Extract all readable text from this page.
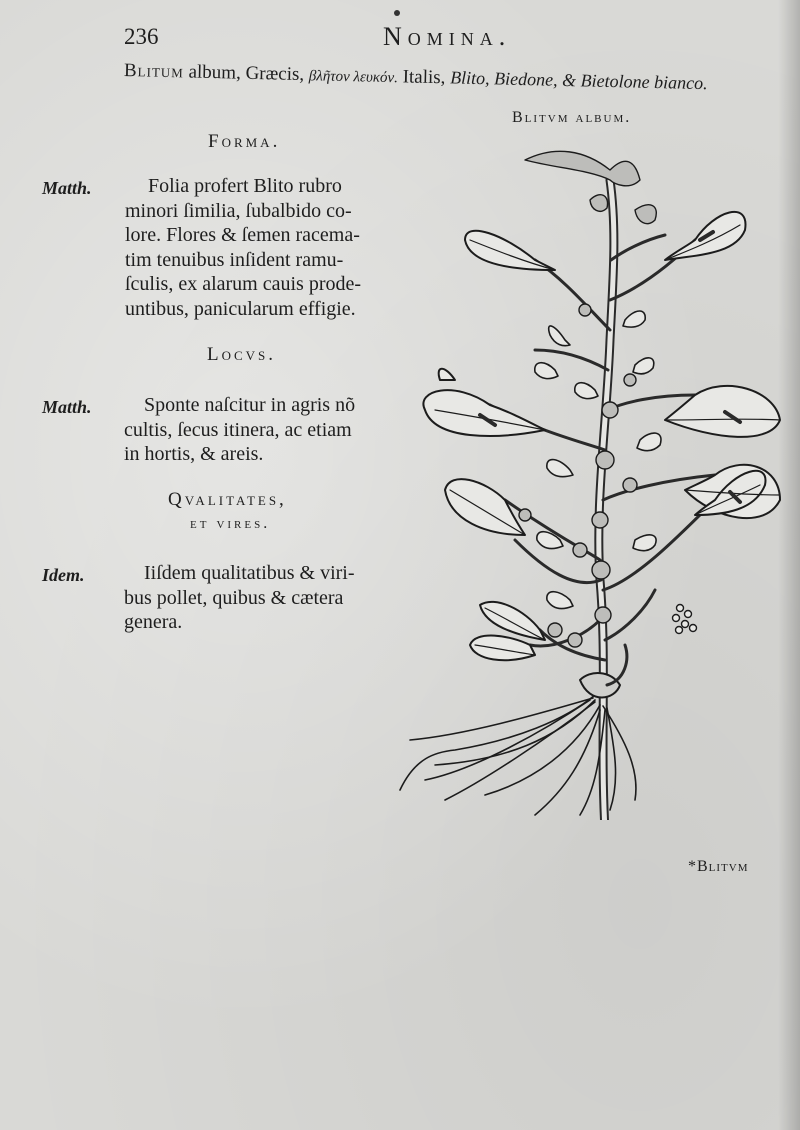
236	Nomina.
Blitum album, Græcis, βλῆτον λευκόν. Italis, Blito, Biedone, & Bietolone bianco.
Forma.
Matth.	Folia profert Blito rubro
minori ſimilia, ſubalbido co-
lore. Flores & ſemen racema-
tim tenuibus inſident ramu-
ſculis, ex alarum cauis prode-
untibus, panicularum effigie.
Locvs.
Matth.	Sponte naſcitur in agris nõ
cultis, ſecus itinera, ac etiam
in hortis, & areis.
Qvalitates,
et vires.
Idem.	Iiſdem qualitatibus & viri-
bus pollet, quibus & cætera
genera.
Blitvm album.
*Blitvm
